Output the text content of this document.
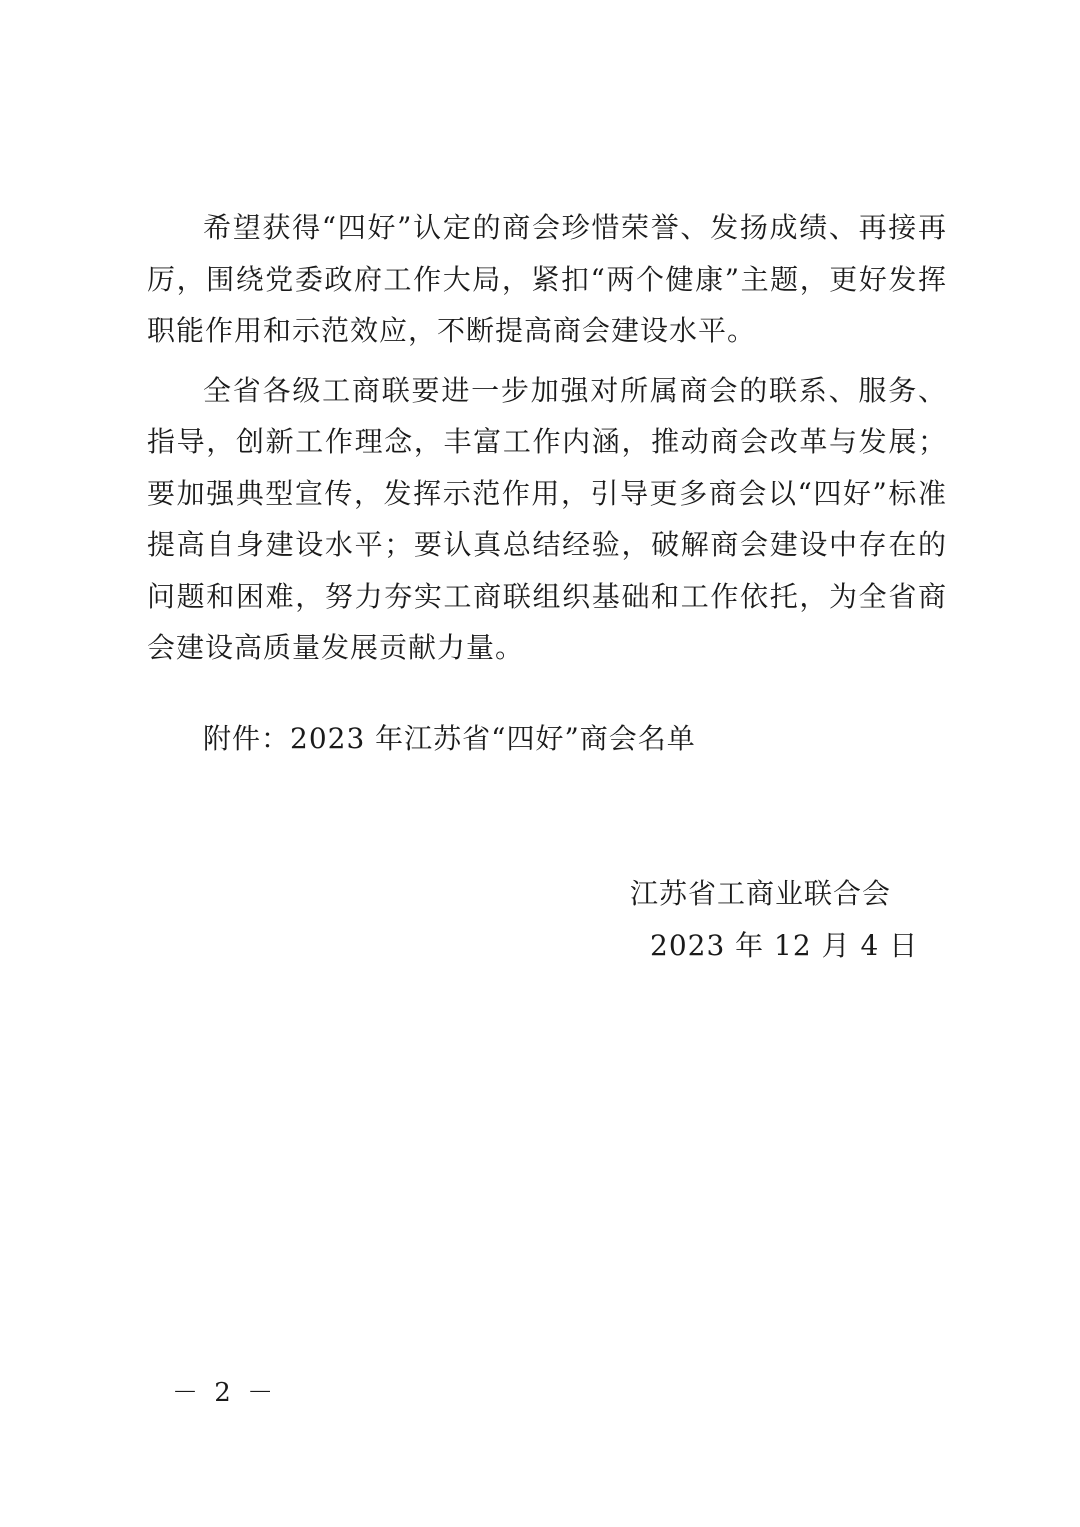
希望获得“四好”认定的商会珍惜荣誉、发扬成绩、再接再厉，围绕党委政府工作大局，紧扣“两个健康”主题，更好发挥职能作用和示范效应，不断提高商会建设水平。

全省各级工商联要进一步加强对所属商会的联系、服务、指导，创新工作理念，丰富工作内涵，推动商会改革与发展；要加强典型宣传，发挥示范作用，引导更多商会以“四好”标准提高自身建设水平；要认真总结经验，破解商会建设中存在的问题和困难，努力夯实工商联组织基础和工作依托，为全省商会建设高质量发展贡献力量。

附件：2023 年江苏省“四好”商会名单
江苏省工商业联合会
2023 年 12 月 4 日
－ 2 －
